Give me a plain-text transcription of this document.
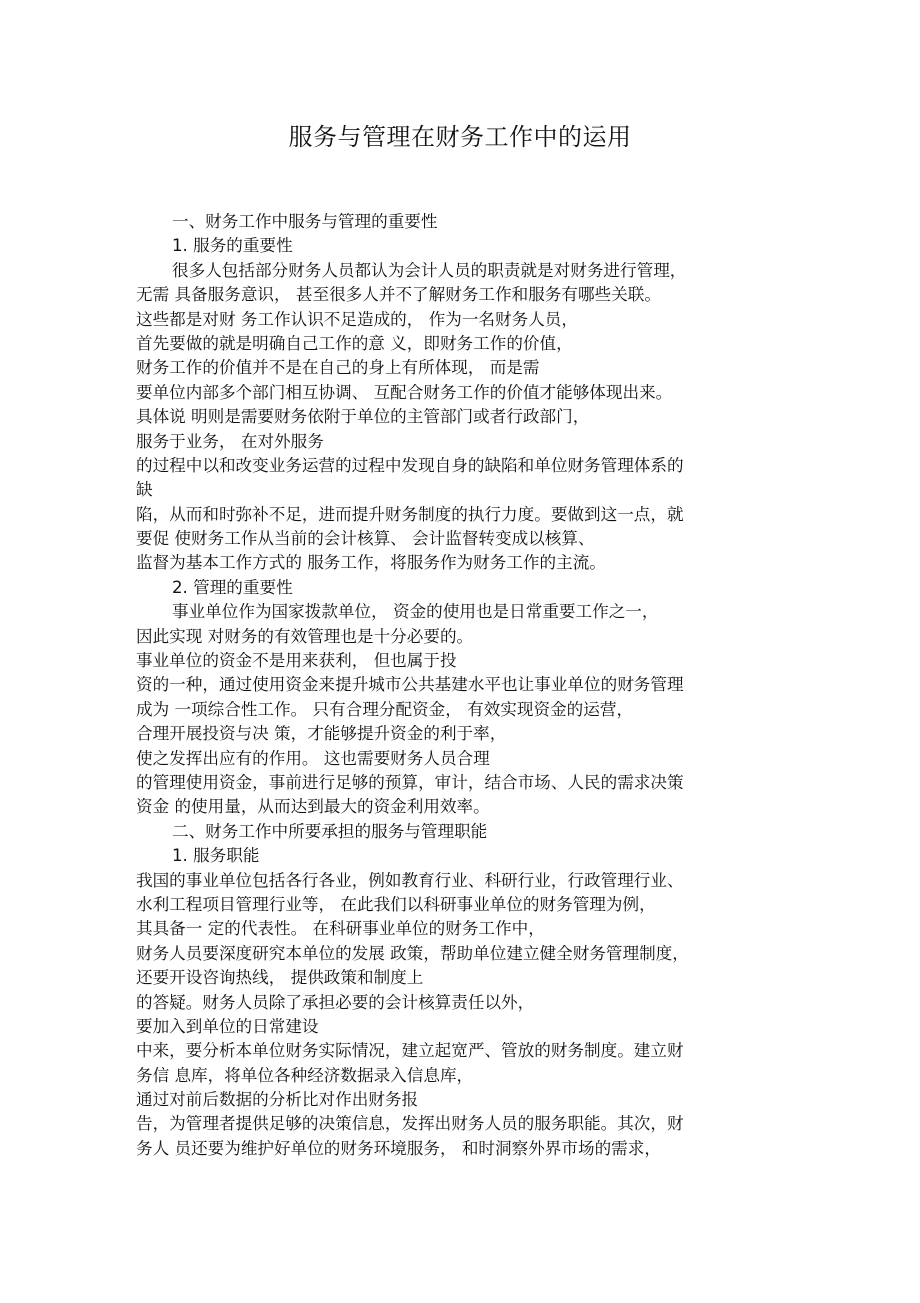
服务与管理在财务工作中的运用
一、财务工作中服务与管理的重要性
1. 服务的重要性
很多人包括部分财务人员都认为会计人员的职责就是对财务进行管理，
无需 具备服务意识， 甚至很多人并不了解财务工作和服务有哪些关联。
这些都是对财 务工作认识不足造成的， 作为一名财务人员，
首先要做的就是明确自己工作的意 义，即财务工作的价值，
财务工作的价值并不是在自己的身上有所体现， 而是需
要单位内部多个部门相互协调、 互配合财务工作的价值才能够体现出来。
具体说 明则是需要财务依附于单位的主管部门或者行政部门，
服务于业务， 在对外服务
的过程中以和改变业务运营的过程中发现自身的缺陷和单位财务管理体系的
缺
陷，从而和时弥补不足，进而提升财务制度的执行力度。要做到这一点，就
要促 使财务工作从当前的会计核算、 会计监督转变成以核算、
监督为基本工作方式的 服务工作，将服务作为财务工作的主流。
2. 管理的重要性
事业单位作为国家拨款单位， 资金的使用也是日常重要工作之一，
因此实现 对财务的有效管理也是十分必要的。
事业单位的资金不是用来获利， 但也属于投
资的一种，通过使用资金来提升城市公共基建水平也让事业单位的财务管理
成为 一项综合性工作。 只有合理分配资金， 有效实现资金的运营，
合理开展投资与决 策，才能够提升资金的利于率，
使之发挥出应有的作用。 这也需要财务人员合理
的管理使用资金，事前进行足够的预算，审计，结合市场、人民的需求决策
资金 的使用量，从而达到最大的资金利用效率。
二、财务工作中所要承担的服务与管理职能
1. 服务职能
我国的事业单位包括各行各业，例如教育行业、科研行业，行政管理行业、
水利工程项目管理行业等， 在此我们以科研事业单位的财务管理为例，
其具备一 定的代表性。 在科研事业单位的财务工作中，
财务人员要深度研究本单位的发展 政策，帮助单位建立健全财务管理制度，
还要开设咨询热线， 提供政策和制度上
的答疑。财务人员除了承担必要的会计核算责任以外，
要加入到单位的日常建设
中来，要分析本单位财务实际情况，建立起宽严、管放的财务制度。建立财
务信 息库，将单位各种经济数据录入信息库，
通过对前后数据的分析比对作出财务报
告，为管理者提供足够的决策信息，发挥出财务人员的服务职能。其次，财
务人 员还要为维护好单位的财务环境服务， 和时洞察外界市场的需求，
